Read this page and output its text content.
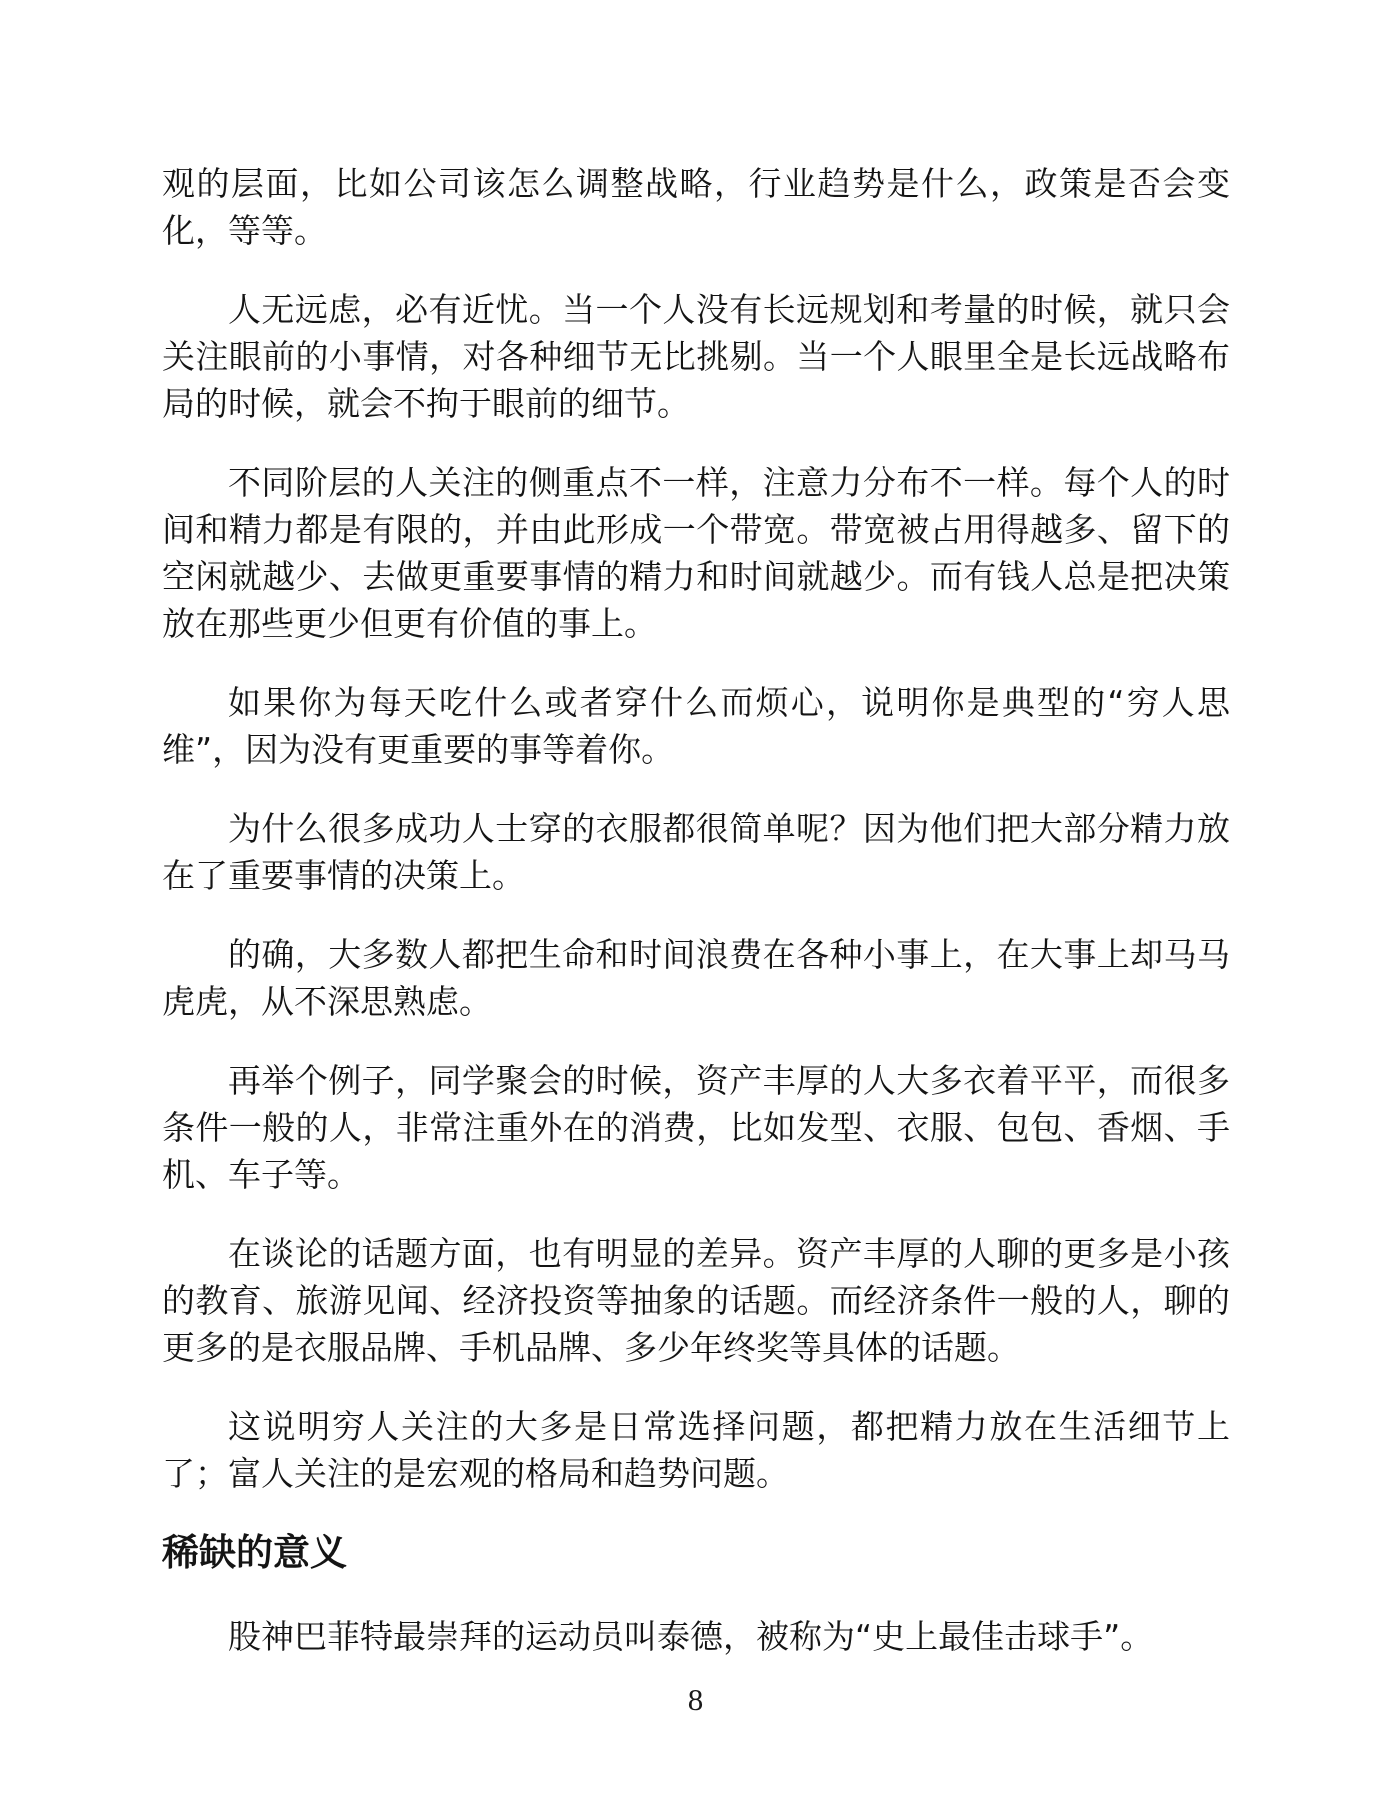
观的层面，比如公司该怎么调整战略，行业趋势是什么，政策是否会变化，等等。

人无远虑，必有近忧。当一个人没有长远规划和考量的时候，就只会关注眼前的小事情，对各种细节无比挑剔。当一个人眼里全是长远战略布局的时候，就会不拘于眼前的细节。

不同阶层的人关注的侧重点不一样，注意力分布不一样。每个人的时间和精力都是有限的，并由此形成一个带宽。带宽被占用得越多、留下的空闲就越少、去做更重要事情的精力和时间就越少。而有钱人总是把决策放在那些更少但更有价值的事上。

如果你为每天吃什么或者穿什么而烦心，说明你是典型的“穷人思维”，因为没有更重要的事等着你。

为什么很多成功人士穿的衣服都很简单呢？因为他们把大部分精力放在了重要事情的决策上。

的确，大多数人都把生命和时间浪费在各种小事上，在大事上却马马虎虎，从不深思熟虑。

再举个例子，同学聚会的时候，资产丰厚的人大多衣着平平，而很多条件一般的人，非常注重外在的消费，比如发型、衣服、包包、香烟、手机、车子等。

在谈论的话题方面，也有明显的差异。资产丰厚的人聊的更多是小孩的教育、旅游见闻、经济投资等抽象的话题。而经济条件一般的人，聊的更多的是衣服品牌、手机品牌、多少年终奖等具体的话题。

这说明穷人关注的大多是日常选择问题，都把精力放在生活细节上了；富人关注的是宏观的格局和趋势问题。

稀缺的意义

股神巴菲特最崇拜的运动员叫泰德，被称为“史上最佳击球手”。

8
